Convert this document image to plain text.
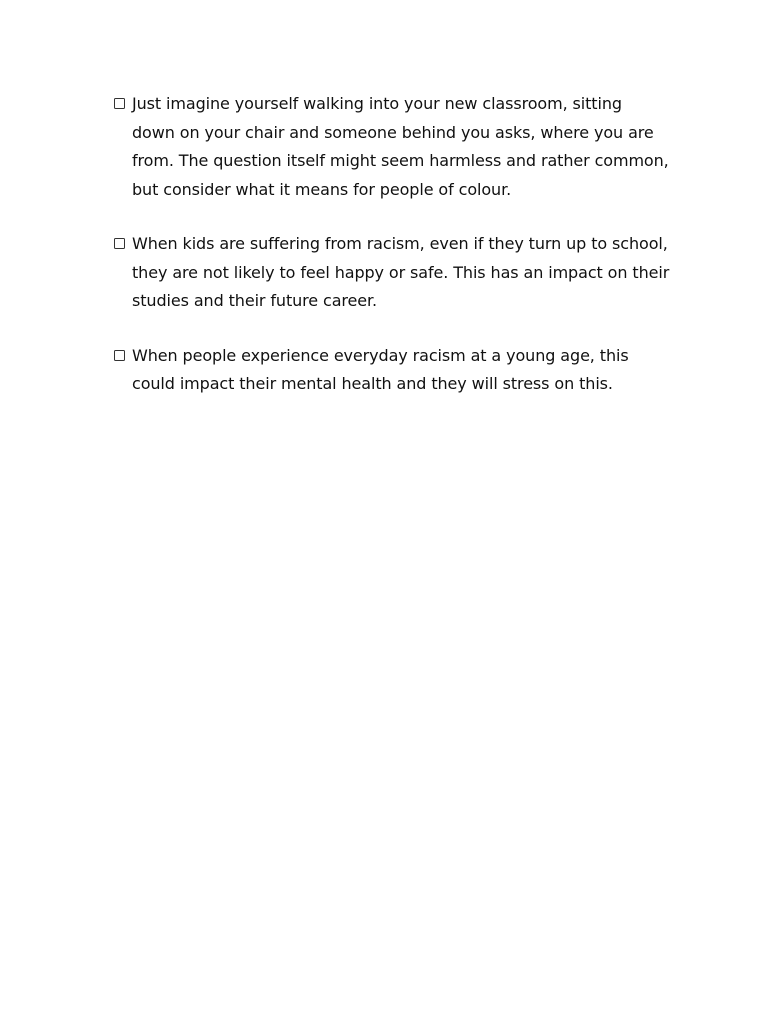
Just imagine yourself walking into your new classroom, sitting
down on your chair and someone behind you asks, where you are
from. The question itself might seem harmless and rather common,
but consider what it means for people of colour.
When kids are suffering from racism, even if they turn up to school,
they are not likely to feel happy or safe. This has an impact on their
studies and their future career.
When people experience everyday racism at a young age, this
could impact their mental health and they will stress on this.
